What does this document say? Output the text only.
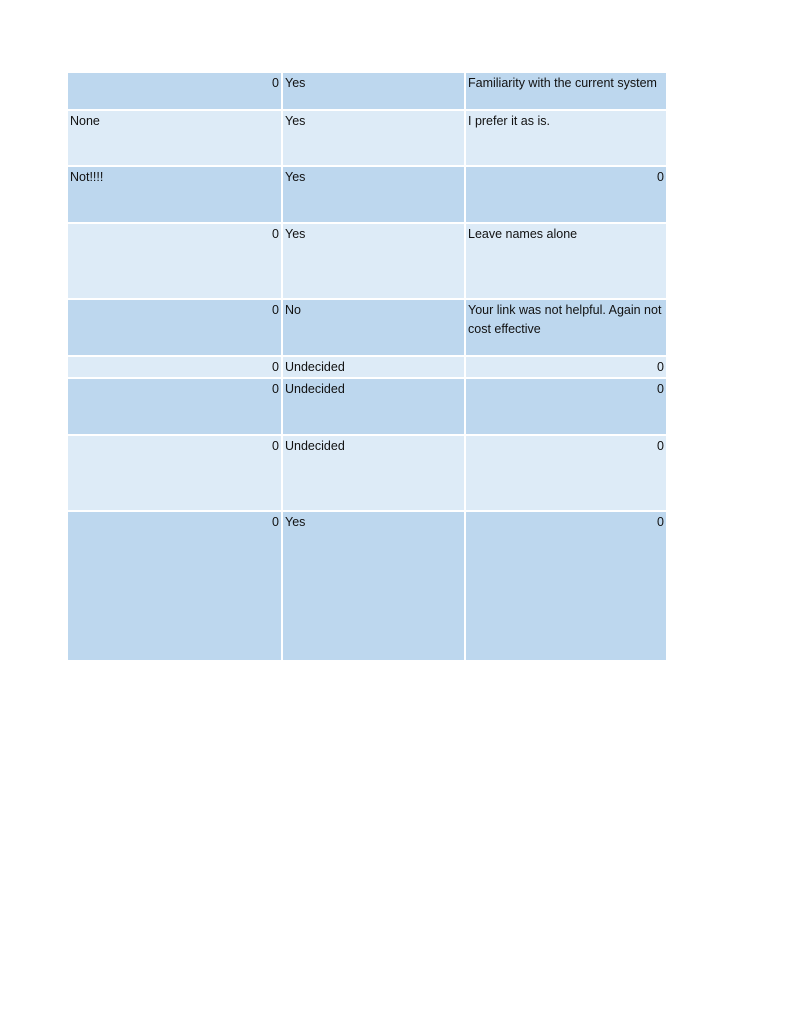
0	Yes	Familiarity with the current system
None	Yes	I prefer it as is.
Not!!!!	Yes	0
0	Yes	Leave names alone
0	No	Your link was not helpful. Again not cost effective
0	Undecided	0
0	Undecided	0
0	Undecided	0
0	Yes	0
